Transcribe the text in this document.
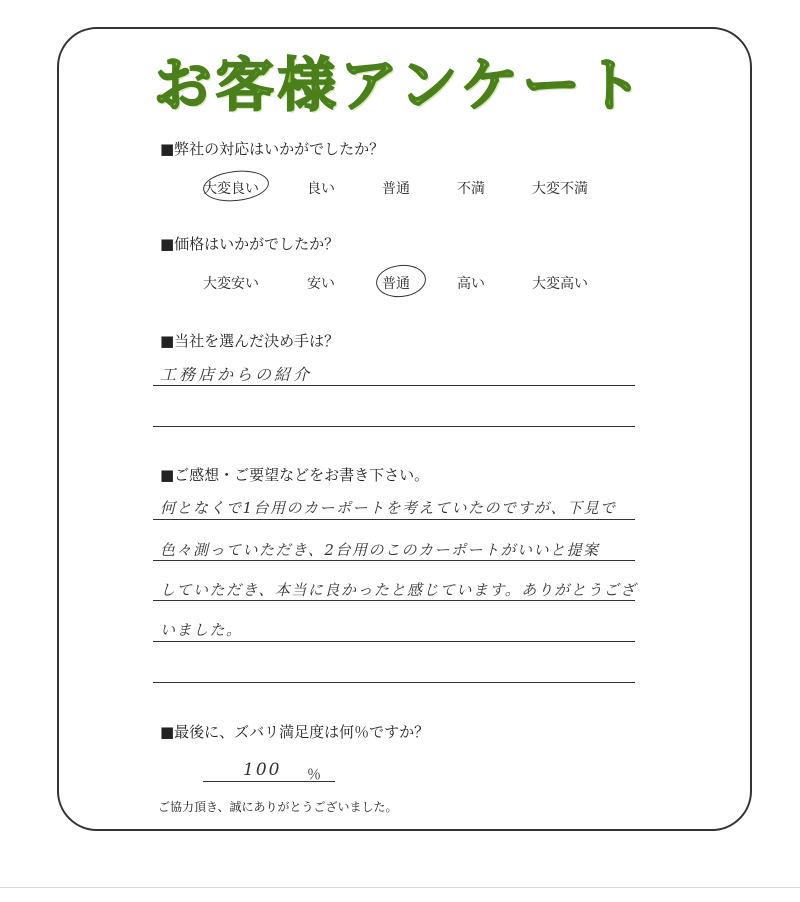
お客様アンケート
■弊社の対応はいかがでしたか？
大変良い	良い	普通	不満	大変不満
■価格はいかがでしたか？
大変安い	安い	普通	高い	大変高い
■当社を選んだ決め手は？
工務店からの紹介
■ご感想・ご要望などをお書き下さい。
何となくで1台用のカーポートを考えていたのですが、下見で
色々測っていただき、2台用のこのカーポートがいいと提案
していただき、本当に良かったと感じています。ありがとうござ
いました。
■最後に、ズバリ満足度は何％ですか？
100 ％
ご協力頂き、誠にありがとうございました。
